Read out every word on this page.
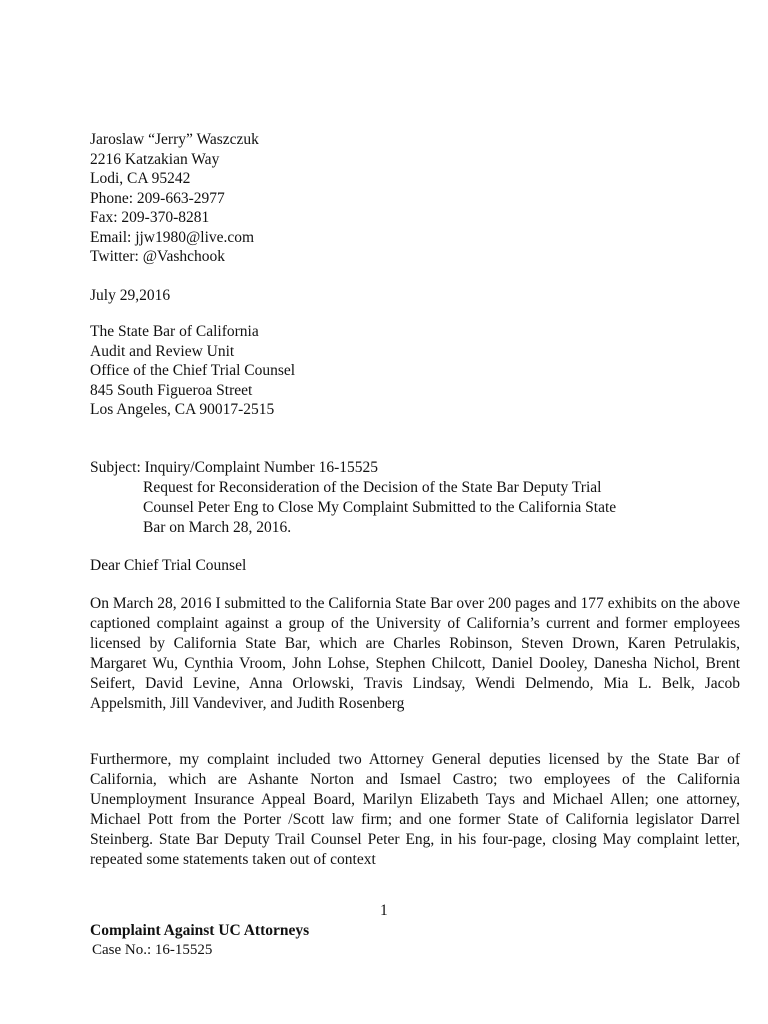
Jaroslaw “Jerry” Waszczuk
2216 Katzakian Way
Lodi, CA 95242
Phone: 209-663-2977
Fax: 209-370-8281
Email: jjw1980@live.com
Twitter: @Vashchook
July 29,2016
The State Bar of California
Audit and Review Unit
Office of the Chief Trial Counsel
845 South Figueroa Street
Los Angeles, CA 90017-2515
Subject: Inquiry/Complaint Number 16-15525
Request for Reconsideration of the Decision of the State Bar Deputy Trial
Counsel Peter Eng to Close My Complaint Submitted to the California State
Bar on March 28, 2016.
Dear Chief Trial Counsel

On March 28, 2016 I submitted to the California State Bar over 200 pages and 177 exhibits on the above captioned complaint against a group of the University of California’s current and former employees licensed by California State Bar, which are Charles Robinson, Steven Drown, Karen Petrulakis, Margaret Wu, Cynthia Vroom, John Lohse, Stephen Chilcott, Daniel Dooley, Danesha Nichol, Brent Seifert, David Levine, Anna Orlowski, Travis Lindsay, Wendi Delmendo, Mia L. Belk, Jacob Appelsmith, Jill Vandeviver, and Judith Rosenberg

Furthermore, my complaint included two Attorney General deputies licensed by the State Bar of California, which are Ashante Norton and Ismael Castro; two employees of the California Unemployment Insurance Appeal Board, Marilyn Elizabeth Tays and Michael Allen; one attorney, Michael Pott from the Porter /Scott law firm; and one former State of California legislator Darrel Steinberg. State Bar Deputy Trail Counsel Peter Eng, in his four-page, closing May complaint letter, repeated some statements taken out of context

1
Complaint Against UC Attorneys
Case No.: 16-15525
